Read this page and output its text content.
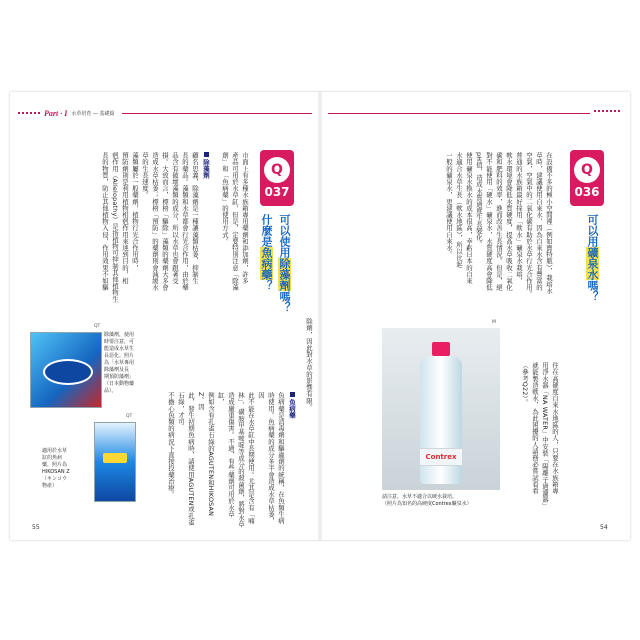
Part · I 水草培育 — 基礎篇
Q
036
可以用礦泉水嗎？
在設備不多的極小空間裡（例如寶特瓶），栽培水
草時，建議使用自來水，因為自來水含有豐富的
空氣，空氣中的二氧化碳有助於水草行光合作用。
普通的水族箱最好採用「軟水」礦泉水栽培，
軟水環境會降低水質硬度，提高水草吸收二氧化
碳和肥料的效率，進而改善生長情況。但是，絕
對不能使用「硬水」礦泉水，水質硬度高會降低
pH值，造成水質過度生長變化。
使用礦泉水換水的成本很高，幸虧日本的自來
水適合水草生長（軟水地區），所以比起
一般的礦泉水，更建議使用自來水。
住在高硬度自來水地區的人，只要在水族箱專
用淨水器「NA WATER」中安裝「陽離子過濾器」
就能製造軟水，為此困擾的人請務必嘗試看看
（參考Q22）。
Contrex
M
請注意，水草不適合以硬水栽培。
（照片為知名的高硬度Contrex礦泉水）
54
Q
037
可以使用除藻劑嗎？
什麼是魚病藥？
市面上有多種水族箱專用藥劑和添加劑，許多
產品可用於水草缸，但是，定要特別注意「除藻
劑」和「魚病藥」的使用方式。
除藻劑
顧名思義，除藻劑是一種讓藻類枯萎、抑制生
長的藥品。藻類和水草都會行光合作用，由於藥
品含有破壞藻類的成分，所以水草也會跟著受
損。大致而言，標榜「驅除」藻類的藥劑大多會
造成水草枯萎；標榜「預防」的藥劑則會減緩水
草的生長速度。
藻類屬於一般藥劑，植物行光合作用時，
預防劑則是利用植物相剋作用來達到目的，相
剋作用（Allelopathy）是指植物可抑制其他植物生
長的物質，防止其他植物入侵，作用效果不如驅
除劑，因此對水草的影響有限。
魚病藥
魚病藥是消毒劑和驅蟲劑的統稱，在魚類生病
時使用。魚病藥的成分多半會造成水草枯萎，因
此不能在水草缸中長期使用。尤其是含有「喃
林」、磺胺甲基嘧啶等成分的殺菌劑，將對水草
造成嚴重傷害。不過，有些藥劑可用於水草缸，
例如含有孔雀石綠的AGUTEN和HIKOSAN Z。因
此，發生初期魚病時，請使用AGUTEN或孔雀石綠，才可
不擔心魚類的病況下直接投藥治療。
QT
除藻劑，使用
時要注意，可
能造成水草生
長惡化。照片
為「水草專用
除藻劑及長
期預防藻劑」
（日本動物藥
品）。
QT
適用於水草
缸的魚病
藥，照片為
HIKOSAN Z
（キンコウ
物產）
55
